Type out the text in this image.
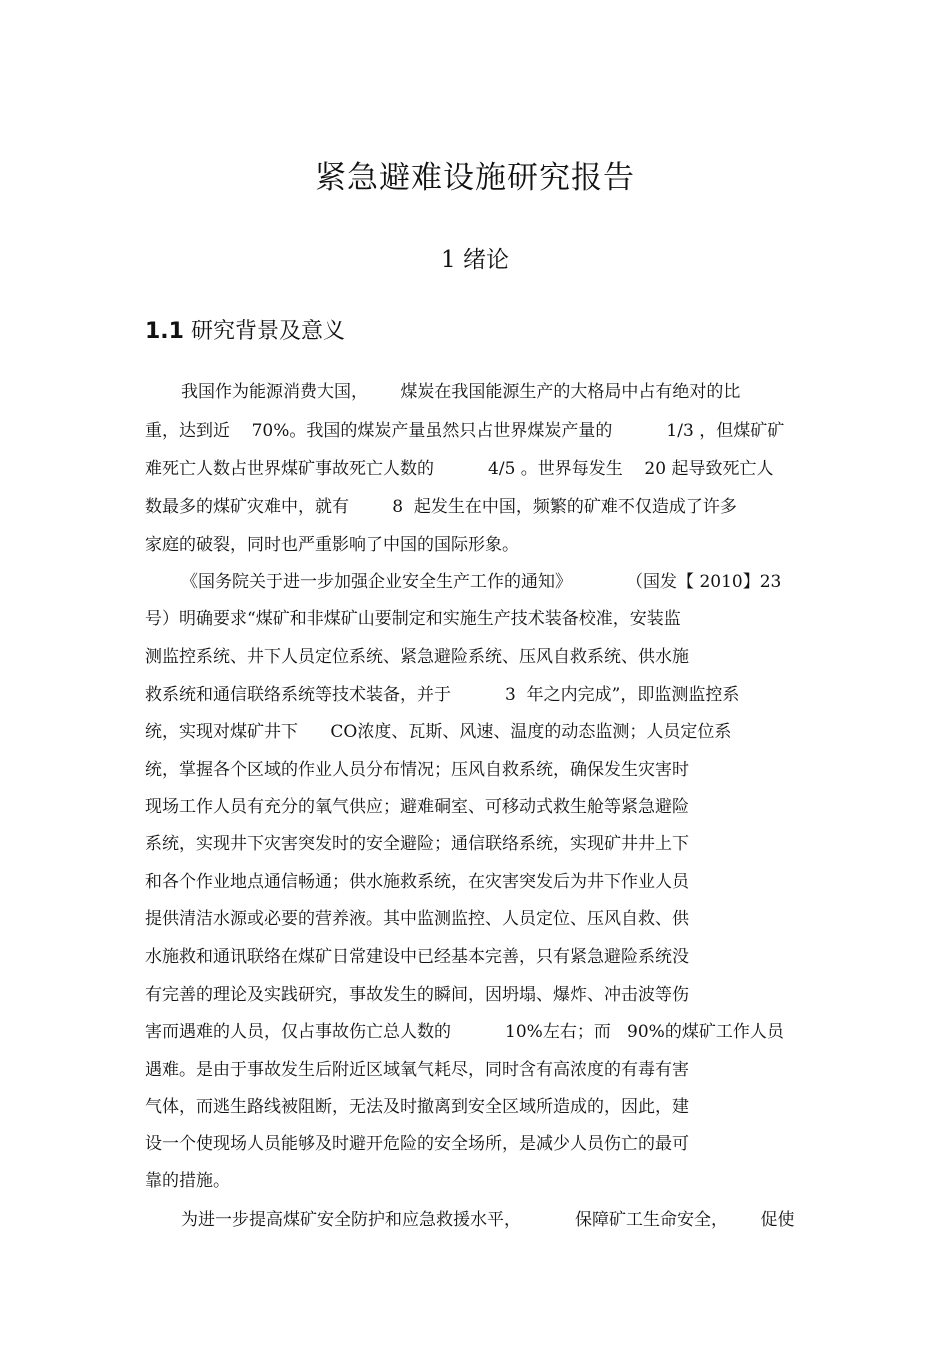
紧急避难设施研究报告
1 绪论
1.1 研究背景及意义
我国作为能源消费大国，      煤炭在我国能源生产的大格局中占有绝对的比
重，达到近    70%。我国的煤炭产量虽然只占世界煤炭产量的          1/3 ，但煤矿矿
难死亡人数占世界煤矿事故死亡人数的          4/5 。世界每发生    20 起导致死亡人
数最多的煤矿灾难中，就有        8  起发生在中国，频繁的矿难不仅造成了许多
家庭的破裂，同时也严重影响了中国的国际形象。
《国务院关于进一步加强企业安全生产工作的通知》          （国发【 2010】23
号）明确要求“煤矿和非煤矿山要制定和实施生产技术装备校准，安装监
测监控系统、井下人员定位系统、紧急避险系统、压风自救系统、供水施
救系统和通信联络系统等技术装备，并于          3  年之内完成”，即监测监控系
统，实现对煤矿井下      CO浓度、瓦斯、风速、温度的动态监测；人员定位系
统，掌握各个区域的作业人员分布情况；压风自救系统，确保发生灾害时
现场工作人员有充分的氧气供应；避难硐室、可移动式救生舱等紧急避险
系统，实现井下灾害突发时的安全避险；通信联络系统，实现矿井井上下
和各个作业地点通信畅通；供水施救系统，在灾害突发后为井下作业人员
提供清洁水源或必要的营养液。其中监测监控、人员定位、压风自救、供
水施救和通讯联络在煤矿日常建设中已经基本完善，只有紧急避险系统没
有完善的理论及实践研究，事故发生的瞬间，因坍塌、爆炸、冲击波等伤
害而遇难的人员，仅占事故伤亡总人数的          10%左右；而   90%的煤矿工作人员
遇难。是由于事故发生后附近区域氧气耗尽，同时含有高浓度的有毒有害
气体，而逃生路线被阻断，无法及时撤离到安全区域所造成的，因此，建
设一个使现场人员能够及时避开危险的安全场所，是减少人员伤亡的最可
靠的措施。
为进一步提高煤矿安全防护和应急救援水平，          保障矿工生命安全，      促使
